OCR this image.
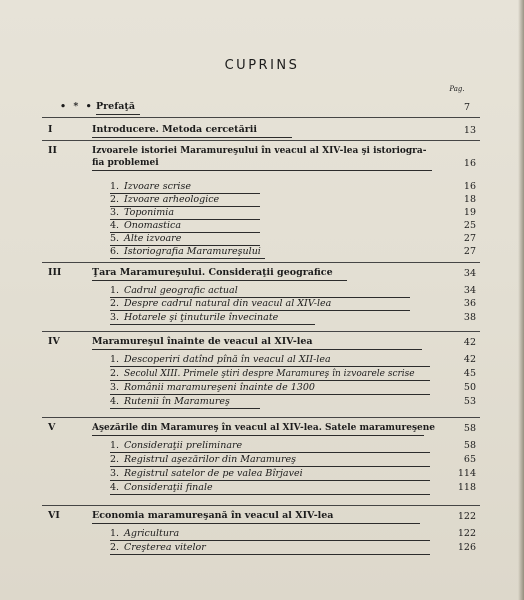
CUPRINS
Pag.
• * • Prefaţă	7
I	Introducere. Metoda cercetării	13
II	Izvoarele istoriei Maramureşului în veacul al XIV-lea şi istoriogra-
fia problemei	16
1. Izvoare scrise	16
2. Izvoare arheologice	18
3. Toponimia	19
4. Onomastica	25
5. Alte izvoare	27
6. Istoriografia Maramureşului	27
III	Ţara Maramureşului. Consideraţii geografice	34
1. Cadrul geografic actual	34
2. Despre cadrul natural din veacul al XIV-lea	36
3. Hotarele şi ţinuturile învecinate	38
IV	Maramureşul înainte de veacul al XIV-lea	42
1. Descoperiri datînd pînă în veacul al XII-lea	42
2. Secolul XIII. Primele ştiri despre Maramureş în izvoarele scrise	45
3. Românii maramureşeni înainte de 1300	50
4. Rutenii în Maramureş	53
V	Aşezările din Maramureş în veacul al XIV-lea. Satele maramureşene	58
1. Consideraţii preliminare	58
2. Registrul aşezărilor din Maramureş	65
3. Registrul satelor de pe valea Bîrjavei	114
4. Consideraţii finale	118
VI	Economia maramureşană în veacul al XIV-lea	122
1. Agricultura	122
2. Creşterea vitelor	126
